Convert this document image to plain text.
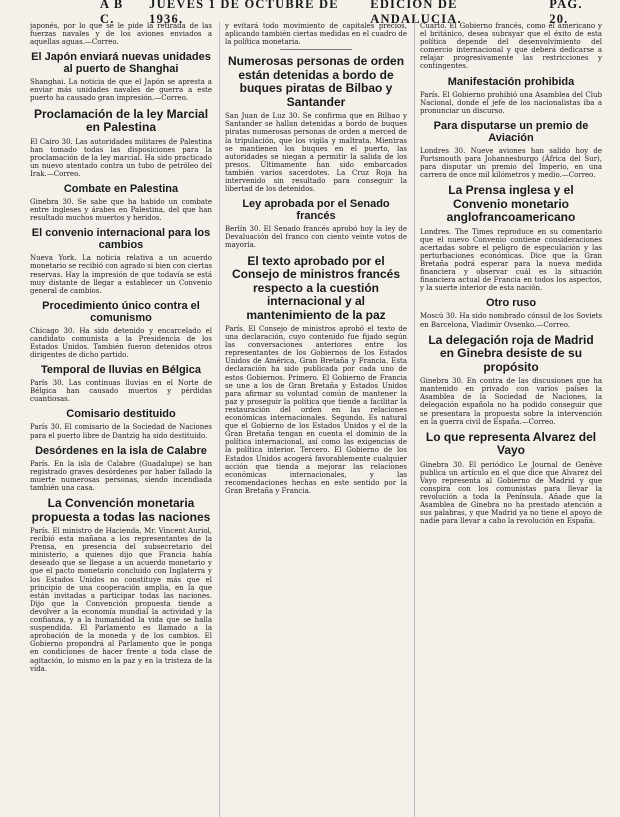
A B C.
JUEVES 1 DE OCTUBRE DE 1936.
EDICION DE ANDALUCIA.
PAG. 20.

japonés, por lo que se le pide la retirada de las fuerzas navales y de los aviones enviados a aquellas aguas.—Correo.

El Japón enviará nuevas unidades al puerto de Shanghai

Shanghai. La noticia de que el Japón se apresta a enviar más unidades navales de guerra a este puerto ha causado gran impresión.—Correo.

Proclamación de la ley Marcial en Palestina

El Cairo 30. Las autoridades militares de Palestina han tomado todas las disposiciones para la proclamación de la ley marcial. Ha sido practicado un nuevo atentado contra un tubo de petróleo del Irak.—Correo.

Combate en Palestina

Ginebra 30. Se sabe que ha habido un combate entre ingleses y árabes en Palestina, del que han resultado muchos muertos y heridos.

El convenio internacional para los cambios

Nueva York. La noticia relativa a un acuerdo monetario se recibió con agrado si bien con ciertas reservas. Hay la impresión de que todavía se está muy distante de llegar a establecer un Convenio general de cambios.

Procedimiento único contra el comunismo

Chicago 30. Ha sido detenido y encarcelado el candidato comunista a la Presidencia de los Estados Unidos. También fueron detenidos otros dirigentes de dicho partido.

Temporal de lluvias en Bélgica

París 30. Las continuas lluvias en el Norte de Bélgica han causado muertos y pérdidas cuantiosas.

Comisario destituido

París 30. El comisario de la Sociedad de Naciones para el puerto libre de Dantzig ha sido destituido.

Desórdenes en la isla de Calabre

París. En la isla de Calabre (Guadalupe) se han registrado graves desórdenes por haber fallado la muerte numerosas personas, siendo incendiada también una casa.

La Convención monetaria propuesta a todas las naciones

París. El ministro de Hacienda, Mr. Vincent Auriol, recibió esta mañana a los representantes de la Prensa, en presencia del subsecretario del ministerio, a quienes dijo que Francia había deseado que se llegase a un acuerdo monetario y que el pacto monetario concluido con Inglaterra y los Estados Unidos no constituye más que el principio de una cooperación amplia, en la que están invitadas a participar todas las naciones. Dijo que la Convención propuesta tiende a devolver a la economía mundial la actividad y la confianza, y a la humanidad la vida que se halla suspendida. El Parlamento es llamado a la aprobación de la moneda y de los cambios. El Gobierno propondrá al Parlamento que le ponga en condiciones de hacer frente a toda clase de agitación, lo mismo en la paz y en la tristeza de la vida.

y evitará todo movimiento de capitales precios, aplicando también ciertas medidas en el cuadro de la política monetaria.

Numerosas personas de orden están detenidas a bordo de buques piratas de Bilbao y Santander

San Juan de Luz 30. Se confirma que en Bilbao y Santander se hallan detenidas a bordo de buques piratas numerosas personas de orden a merced de la tripulación, que los vigila y maltrata. Mientras se mantienen los buques en el puerto, las autoridades se niegan a permitir la salida de los presos. Últimamente han sido embarcados también varios sacerdotes. La Cruz Roja ha intervenido sin resultado para conseguir la libertad de los detenidos.

Ley aprobada por el Senado francés

Berlín 30. El Senado francés aprobó hoy la ley de Devaluación del franco con ciento veinte votos de mayoría.

El texto aprobado por el Consejo de ministros francés respecto a la cuestión internacional y al mantenimiento de la paz

París. El Consejo de ministros aprobó el texto de una declaración, cuyo contenido fue fijado según las conversaciones anteriores entre los representantes de los Gobiernos de los Estados Unidos de América, Gran Bretaña y Francia. Esta declaración ha sido publicada por cada uno de estos Gobiernos. Primero. El Gobierno de Francia se une a los de Gran Bretaña y Estados Unidos para afirmar su voluntad común de mantener la paz y proseguir la política que tiende a facilitar la restauración del orden en las relaciones económicas internacionales. Segundo. Es natural que el Gobierno de los Estados Unidos y el de la Gran Bretaña tengan en cuenta el dominio de la política internacional, así como las exigencias de la política interior. Tercero. El Gobierno de los Estados Unidos acogerá favorablemente cualquier acción que tienda a mejorar las relaciones económicas internacionales, y las recomendaciones hechas en este sentido por la Gran Bretaña y Francia.

Cuarto. El Gobierno francés, como el americano y el británico, desea subrayar que el éxito de esta política depende del desenvolvimiento del comercio internacional y que deberá dedicarse a relajar progresivamente las restricciones y contingentes.

Manifestación prohibida

París. El Gobierno prohibió una Asamblea del Club Nacional, donde el jefe de los nacionalistas iba a pronunciar un discurso.

Para disputarse un premio de Aviación

Londres 30. Nueve aviones han salido hoy de Portsmouth para Johannesburgo (África del Sur), para disputar un premio del Imperio, en una carrera de once mil kilómetros y medio.—Correo.

La Prensa inglesa y el Convenio monetario anglofrancoamericano

Londres. The Times reproduce en su comentario que el nuevo Convenio contiene consideraciones acertadas sobre el peligro de especulación y las perturbaciones económicas. Dice que la Gran Bretaña podrá esperar para la nueva medida financiera y observar cuál es la situación financiera actual de Francia en todos los aspectos, y la suerte interior de esta nación.

Otro ruso

Moscú 30. Ha sido nombrado cónsul de los Soviets en Barcelona, Vladimir Ovsenko.—Correo.

La delegación roja de Madrid en Ginebra desiste de su propósito

Ginebra 30. En contra de las discusiones que ha mantenido en privado con varios países la Asamblea de la Sociedad de Naciones, la delegación española no ha podido conseguir que se presentara la propuesta sobre la intervención en la guerra civil de España.—Correo.

Lo que representa Alvarez del Vayo

Ginebra 30. El periódico Le Journal de Genève publica un artículo en el que dice que Alvarez del Vayo representa al Gobierno de Madrid y que conspira con los comunistas para llevar la revolución a toda la Península. Añade que la Asamblea de Ginebra no ha prestado atención a sus palabras, y que Madrid ya no tiene el apoyo de nadie para llevar a cabo la revolución en España.
